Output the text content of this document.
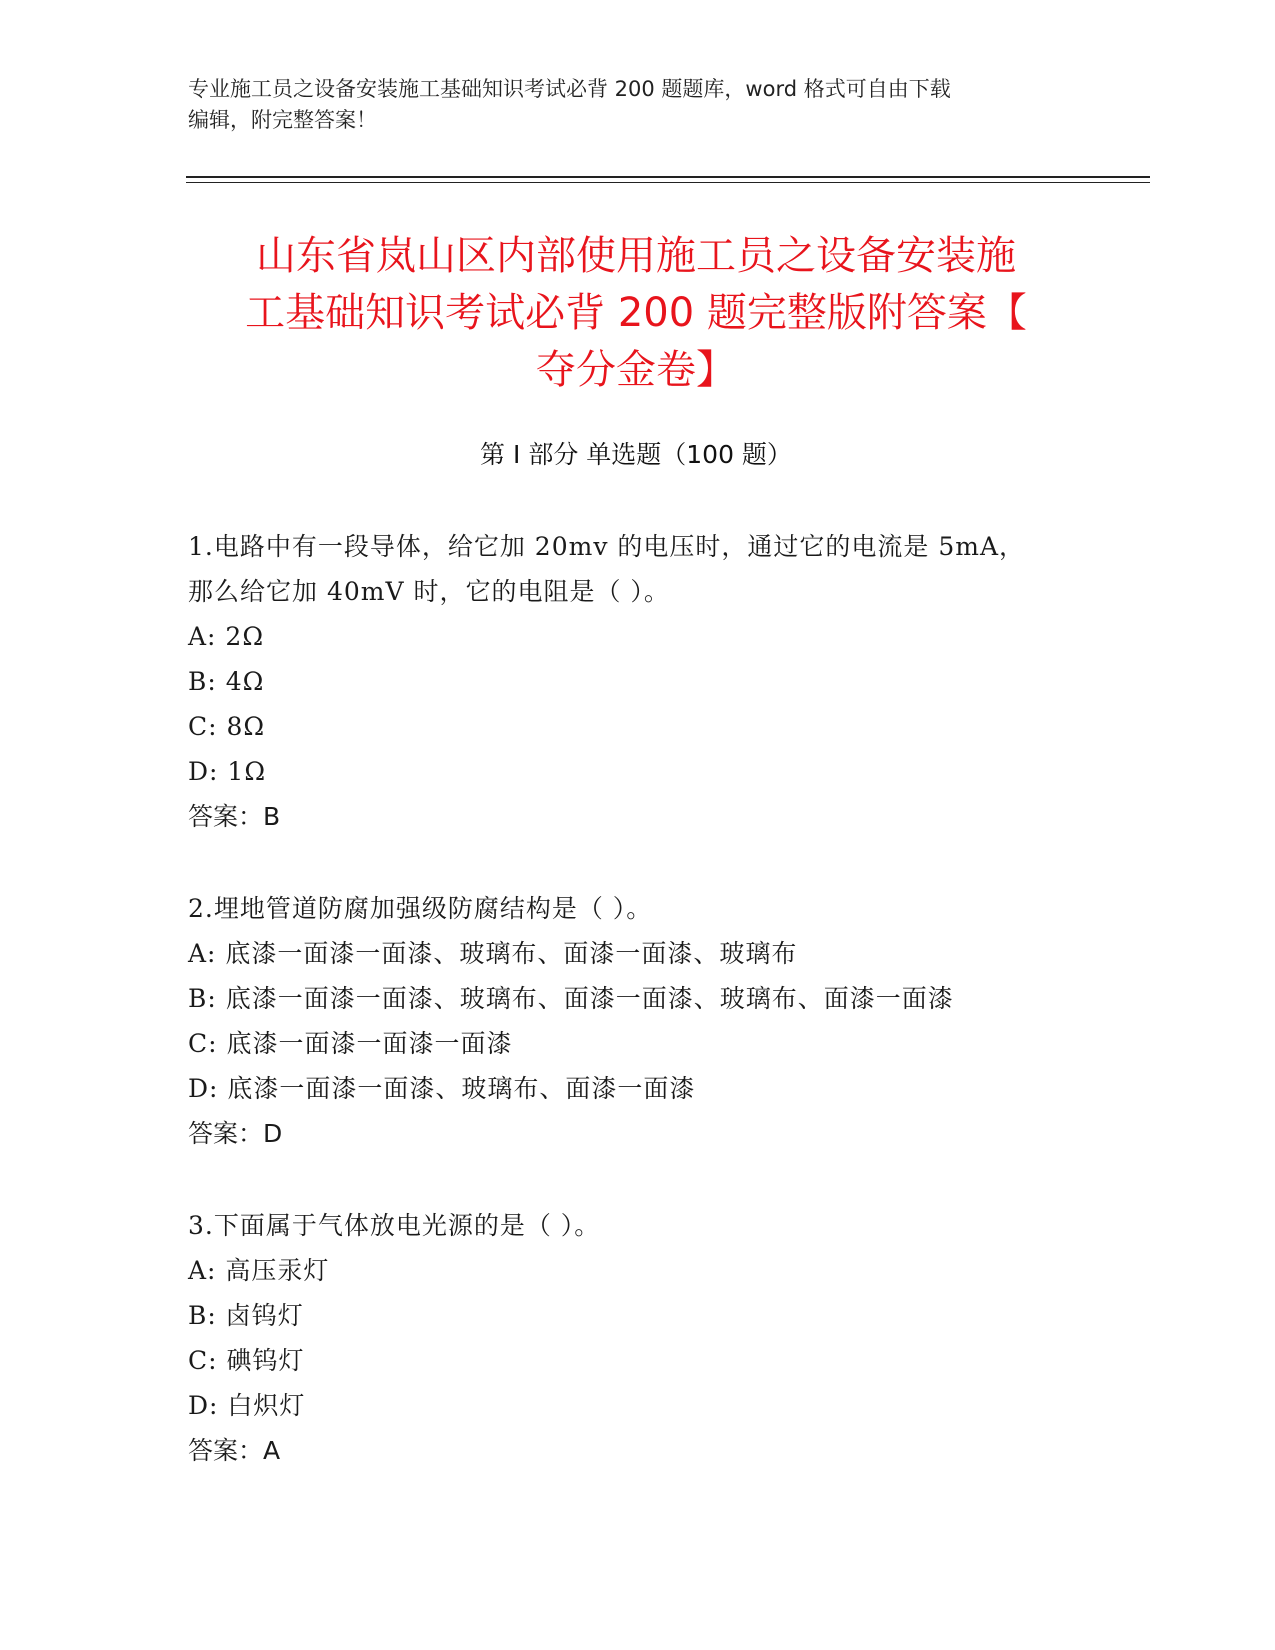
专业施工员之设备安装施工基础知识考试必背 200 题题库，word 格式可自由下载
编辑，附完整答案！
山东省岚山区内部使用施工员之设备安装施
工基础知识考试必背 200 题完整版附答案【
夺分金卷】
第 I 部分 单选题（100 题）
1.电路中有一段导体，给它加 20mv 的电压时，通过它的电流是 5mA，
那么给它加 40mV 时，它的电阻是（ ）。
A: 2Ω
B: 4Ω
C: 8Ω
D: 1Ω
答案：B
2.埋地管道防腐加强级防腐结构是（ ）。
A: 底漆一面漆一面漆、玻璃布、面漆一面漆、玻璃布
B: 底漆一面漆一面漆、玻璃布、面漆一面漆、玻璃布、面漆一面漆
C: 底漆一面漆一面漆一面漆
D: 底漆一面漆一面漆、玻璃布、面漆一面漆
答案：D
3.下面属于气体放电光源的是（ ）。
A: 高压汞灯
B: 卤钨灯
C: 碘钨灯
D: 白炽灯
答案：A
